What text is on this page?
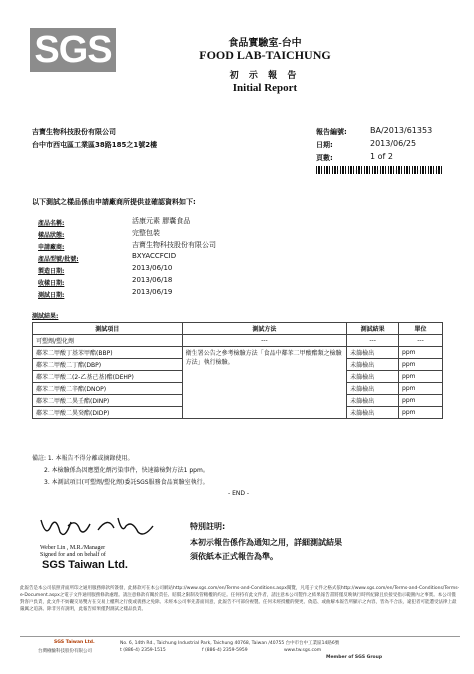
SGS	食品實驗室-台中
FOOD LAB-TAICHUNG
初 示 報 告
Initial Report
吉寶生物科技股份有限公司
台中市西屯區工業區38路185之1號2樓
報告編號:	BA/2013/61353
日期:	2013/06/25
頁數:	1 of 2
以下測試之樣品係由申請廠商所提供並確認資料如下:
產品名稱:	活康元素 膠囊食品
樣品狀態:	完整包裝
申請廠商:	吉寶生物科技股份有限公司
產品型號/批號:	BXYACCFCID
製造日期:	2013/06/10
收樣日期:	2013/06/18
測試日期:	2013/06/19
測試結果:
測試項目	測試方法	測試結果	單位
可塑劑/塑化劑	---	---	---
鄰苯二甲酸丁基苯甲酯(BBP)	衛生署公告之參考檢驗方法「食品中鄰苯二甲酸酯類之檢驗方法」執行檢驗。	未篩檢出	ppm
鄰苯二甲酸二丁酯(DBP)		未篩檢出	ppm
鄰苯二甲酸二(2-乙基己基)酯(DEHP)		未篩檢出	ppm
鄰苯二甲酸二辛酯(DNOP)		未篩檢出	ppm
鄰苯二甲酸二異壬酯(DINP)		未篩檢出	ppm
鄰苯二甲酸二異癸酯(DIDP)		未篩檢出	ppm
備註: 1. 本報告不得分離或摘錄使用。
2. 本檢驗係為因應塑化劑污染事件，快速篩檢對方法1 ppm。
3. 本測試項目(可塑劑/塑化劑)委託SGS服務食品實驗室執行。
- END -
Weber Lin , M.R./Manager
Signed for and on behalf of
SGS Taiwan Ltd.
特別註明:
本初示報告係作為通知之用，詳細測試結果
須依紙本正式報告為準。
此報告是本公司依照背面所印之通用服務條款所簽發，此條款可在本公司網站http://www.sgs.com/en/Terms-and-Conditions.aspx閱覽，凡電子文件之格式依http://www.sgs.com/en/Terms-and-Conditions/Terms-e-Document.aspx之電子文件通用服務條款處理。請注意條款有關於責任、賠償之限制及管轄權的約定。任何持有此文件者，請注意本公司製作之結果報告書將僅反映執行時所紀錄且於接受指示範圍內之事實。本公司僅對客戶負責，此文件不妨礙交易雙方在交易上權利之行使或義務之免除。未經本公司事先書面同意，此報告不可部份複製。任何未經授權的變更、偽造、或曲解本報告所顯示之內容，皆為不合法，違犯者可能遭受法律上最嚴厲之追訴。除非另有說明，此報告結果僅對測試之樣品負責。
SGS Taiwan Ltd.
台灣檢驗科技股份有限公司
No. 6, 14th Rd., Taichung Industrial Park, Taichung 40768, Taiwan /40755 台中市台中工業區14路6號
t (886-4) 2359-1515	f (886-4) 2359-5959	www.tw.sgs.com
Member of SGS Group
